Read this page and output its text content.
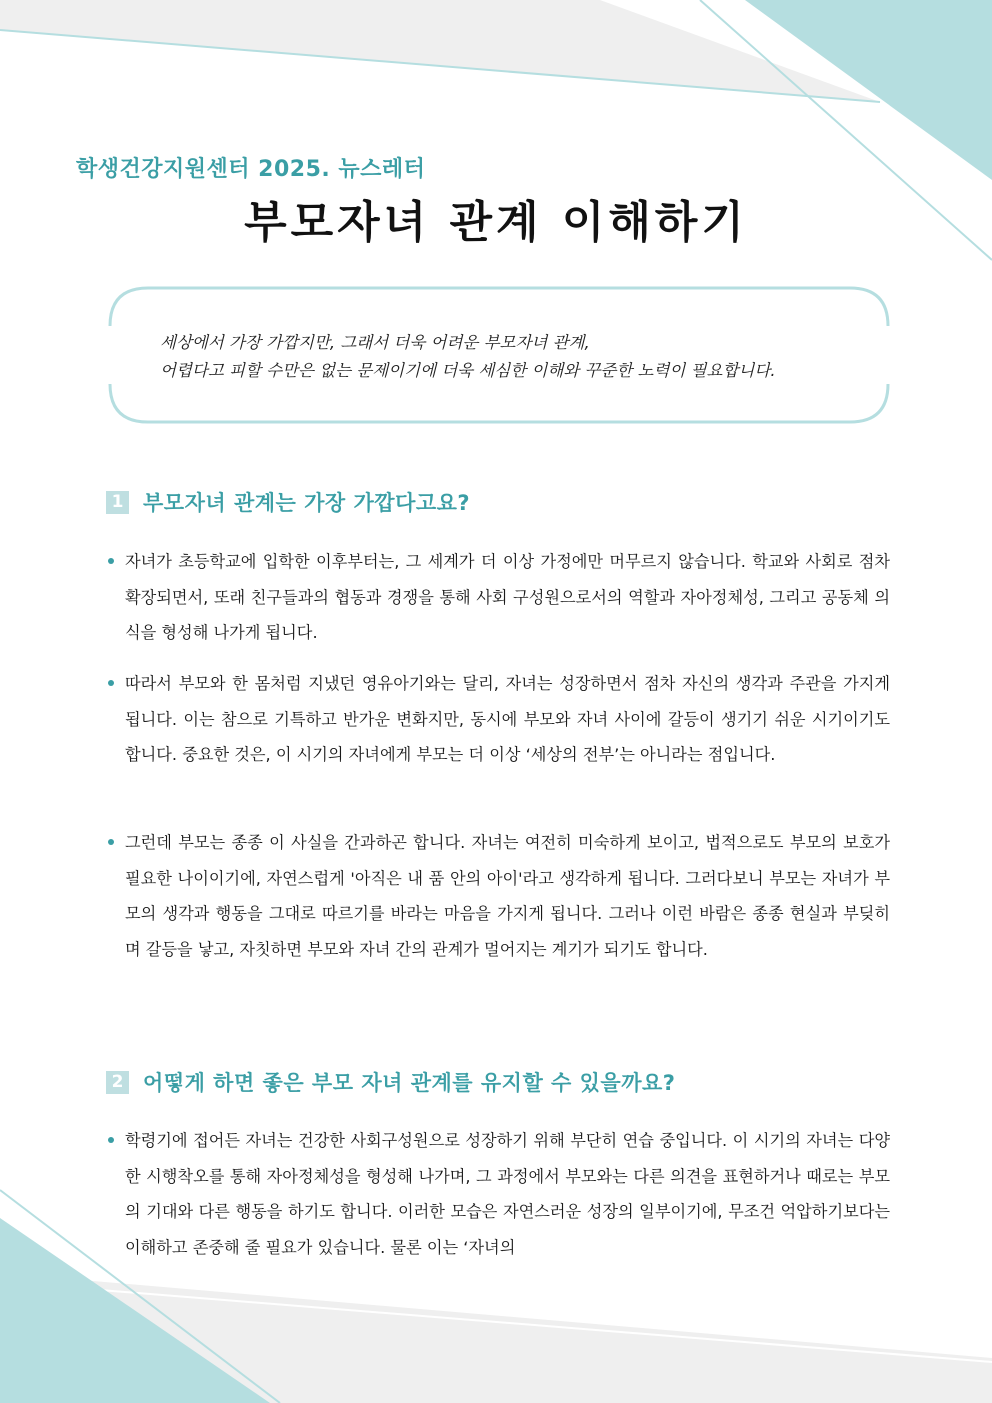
학생건강지원센터 2025. 뉴스레터
부모자녀 관계 이해하기
세상에서 가장 가깝지만, 그래서 더욱 어려운 부모자녀 관계,
어렵다고 피할 수만은 없는 문제이기에 더욱 세심한 이해와 꾸준한 노력이 필요합니다.
1 부모자녀 관계는 가장 가깝다고요?
자녀가 초등학교에 입학한 이후부터는, 그 세계가 더 이상 가정에만 머무르지 않습니다. 학교와 사회로 점차 확장되면서, 또래 친구들과의 협동과 경쟁을 통해 사회 구성원으로서의 역할과 자아정체성, 그리고 공동체 의식을 형성해 나가게 됩니다.
따라서 부모와 한 몸처럼 지냈던 영유아기와는 달리, 자녀는 성장하면서 점차 자신의 생각과 주관을 가지게 됩니다. 이는 참으로 기특하고 반가운 변화지만, 동시에 부모와 자녀 사이에 갈등이 생기기 쉬운 시기이기도 합니다. 중요한 것은, 이 시기의 자녀에게 부모는 더 이상 ‘세상의 전부’는 아니라는 점입니다.
그런데 부모는 종종 이 사실을 간과하곤 합니다. 자녀는 여전히 미숙하게 보이고, 법적으로도 부모의 보호가 필요한 나이이기에, 자연스럽게 '아직은 내 품 안의 아이'라고 생각하게 됩니다. 그러다보니 부모는 자녀가 부모의 생각과 행동을 그대로 따르기를 바라는 마음을 가지게 됩니다. 그러나 이런 바람은 종종 현실과 부딪히며 갈등을 낳고, 자칫하면 부모와 자녀 간의 관계가 멀어지는 계기가 되기도 합니다.
2 어떻게 하면 좋은 부모 자녀 관계를 유지할 수 있을까요?
학령기에 접어든 자녀는 건강한 사회구성원으로 성장하기 위해 부단히 연습 중입니다. 이 시기의 자녀는 다양한 시행착오를 통해 자아정체성을 형성해 나가며, 그 과정에서 부모와는 다른 의견을 표현하거나 때로는 부모의 기대와 다른 행동을 하기도 합니다. 이러한 모습은 자연스러운 성장의 일부이기에, 무조건 억압하기보다는 이해하고 존중해 줄 필요가 있습니다. 물론 이는 ‘자녀의
